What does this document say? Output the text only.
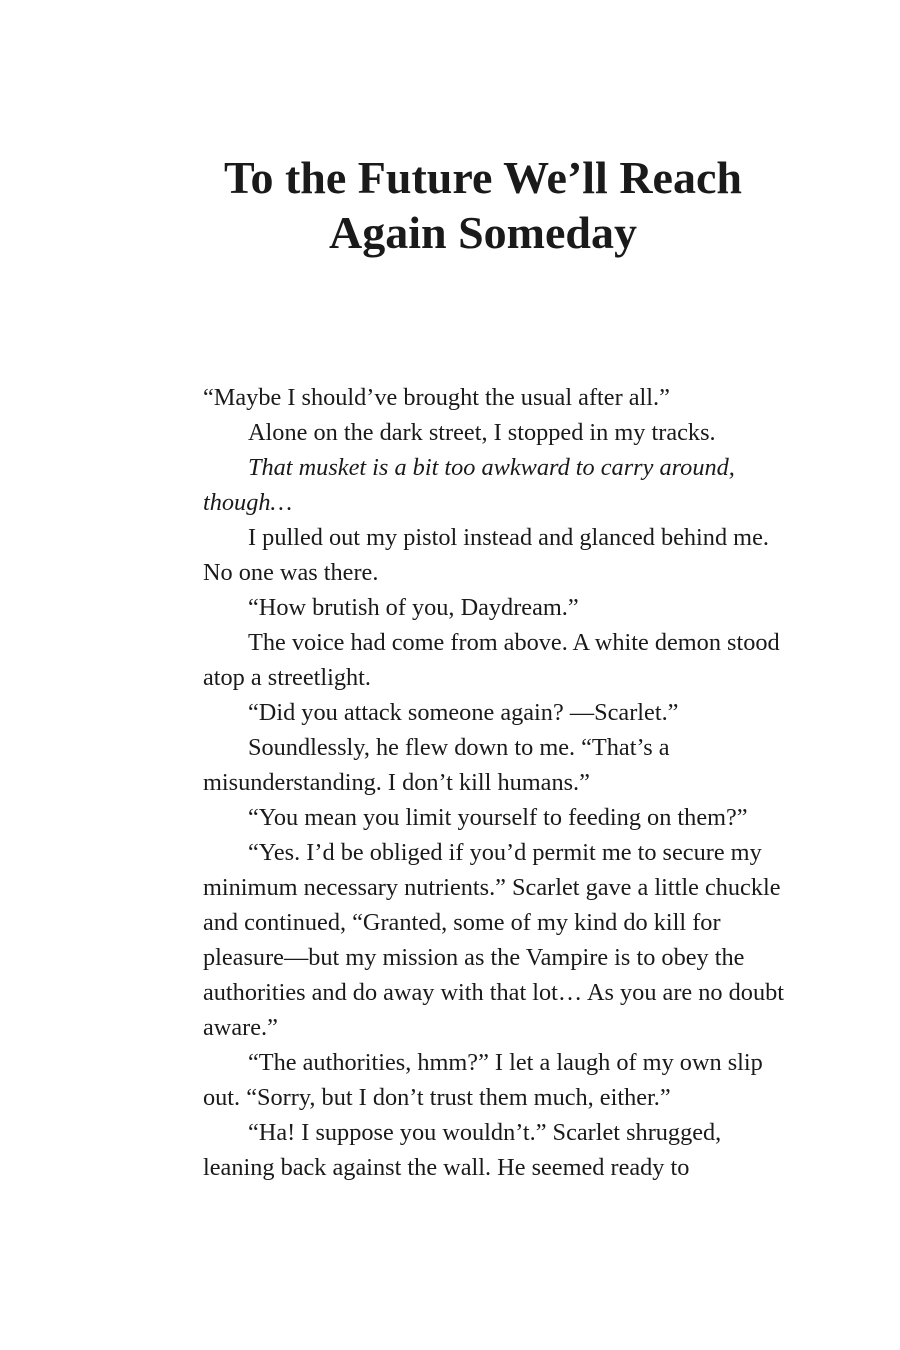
To the Future We’ll Reach
Again Someday

“Maybe I should’ve brought the usual after all.”

Alone on the dark street, I stopped in my tracks.

That musket is a bit too awkward to carry around, though…

I pulled out my pistol instead and glanced behind me. No one was there.

“How brutish of you, Daydream.”

The voice had come from above. A white demon stood atop a streetlight.

“Did you attack someone again? —Scarlet.”

Soundlessly, he flew down to me. “That’s a misunderstanding. I don’t kill humans.”

“You mean you limit yourself to feeding on them?”

“Yes. I’d be obliged if you’d permit me to secure my minimum necessary nutrients.” Scarlet gave a little chuckle and continued, “Granted, some of my kind do kill for pleasure—but my mission as the Vampire is to obey the authorities and do away with that lot… As you are no doubt aware.”

“The authorities, hmm?” I let a laugh of my own slip out. “Sorry, but I don’t trust them much, either.”

“Ha! I suppose you wouldn’t.” Scarlet shrugged, leaning back against the wall. He seemed ready to
